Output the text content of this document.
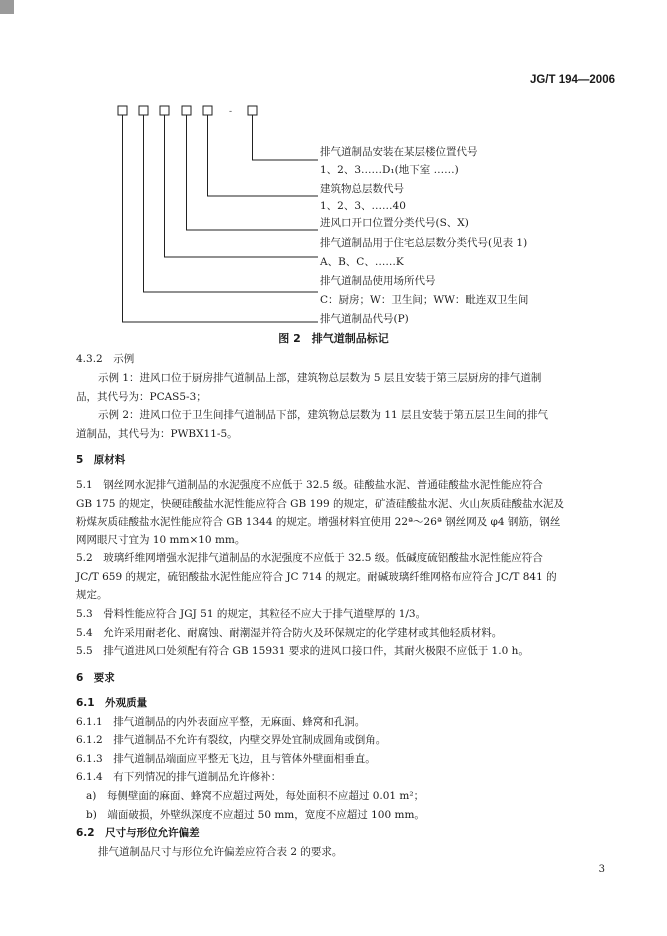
JG/T 194—2006
-
排气道制品安装在某层楼位置代号
1、2、3……D₁(地下室 ……)
建筑物总层数代号
1、2、3、……40
进风口开口位置分类代号(S、X)
排气道制品用于住宅总层数分类代号(见表 1)
A、B、C、……K
排气道制品使用场所代号
C：厨房；W：卫生间；WW：毗连双卫生间
排气道制品代号(P)
图 2　排气道制品标记
4.3.2　示例
示例 1：进风口位于厨房排气道制品上部，建筑物总层数为 5 层且安装于第三层厨房的排气道制
品，其代号为：PCAS5-3；
示例 2：进风口位于卫生间排气道制品下部，建筑物总层数为 11 层且安装于第五层卫生间的排气
道制品，其代号为：PWBX11-5。
5　原材料
5.1　钢丝网水泥排气道制品的水泥强度不应低于 32.5 级。硅酸盐水泥、普通硅酸盐水泥性能应符合
GB 175 的规定，快硬硅酸盐水泥性能应符合 GB 199 的规定，矿渣硅酸盐水泥、火山灰质硅酸盐水泥及
粉煤灰质硅酸盐水泥性能应符合 GB 1344 的规定。增强材料宜使用 22ª～26ª 钢丝网及 φ4 钢筋，钢丝
网网眼尺寸宜为 10 mm×10 mm。
5.2　玻璃纤维网增强水泥排气道制品的水泥强度不应低于 32.5 级。低碱度硫铝酸盐水泥性能应符合
JC/T 659 的规定，硫铝酸盐水泥性能应符合 JC 714 的规定。耐碱玻璃纤维网格布应符合 JC/T 841 的
规定。
5.3　骨料性能应符合 JGJ 51 的规定，其粒径不应大于排气道壁厚的 1/3。
5.4　允许采用耐老化、耐腐蚀、耐潮湿并符合防火及环保规定的化学建材或其他轻质材料。
5.5　排气道进风口处须配有符合 GB 15931 要求的进风口接口件，其耐火极限不应低于 1.0 h。
6　要求
6.1　外观质量
6.1.1　排气道制品的内外表面应平整，无麻面、蜂窝和孔洞。
6.1.2　排气道制品不允许有裂纹，内壁交界处宜制成圆角或倒角。
6.1.3　排气道制品端面应平整无飞边，且与管体外壁面相垂直。
6.1.4　有下列情况的排气道制品允许修补：
a)　每侧壁面的麻面、蜂窝不应超过两处，每处面积不应超过 0.01 m²；
b)　端面破损，外壁纵深度不应超过 50 mm，宽度不应超过 100 mm。
6.2　尺寸与形位允许偏差
排气道制品尺寸与形位允许偏差应符合表 2 的要求。
3
